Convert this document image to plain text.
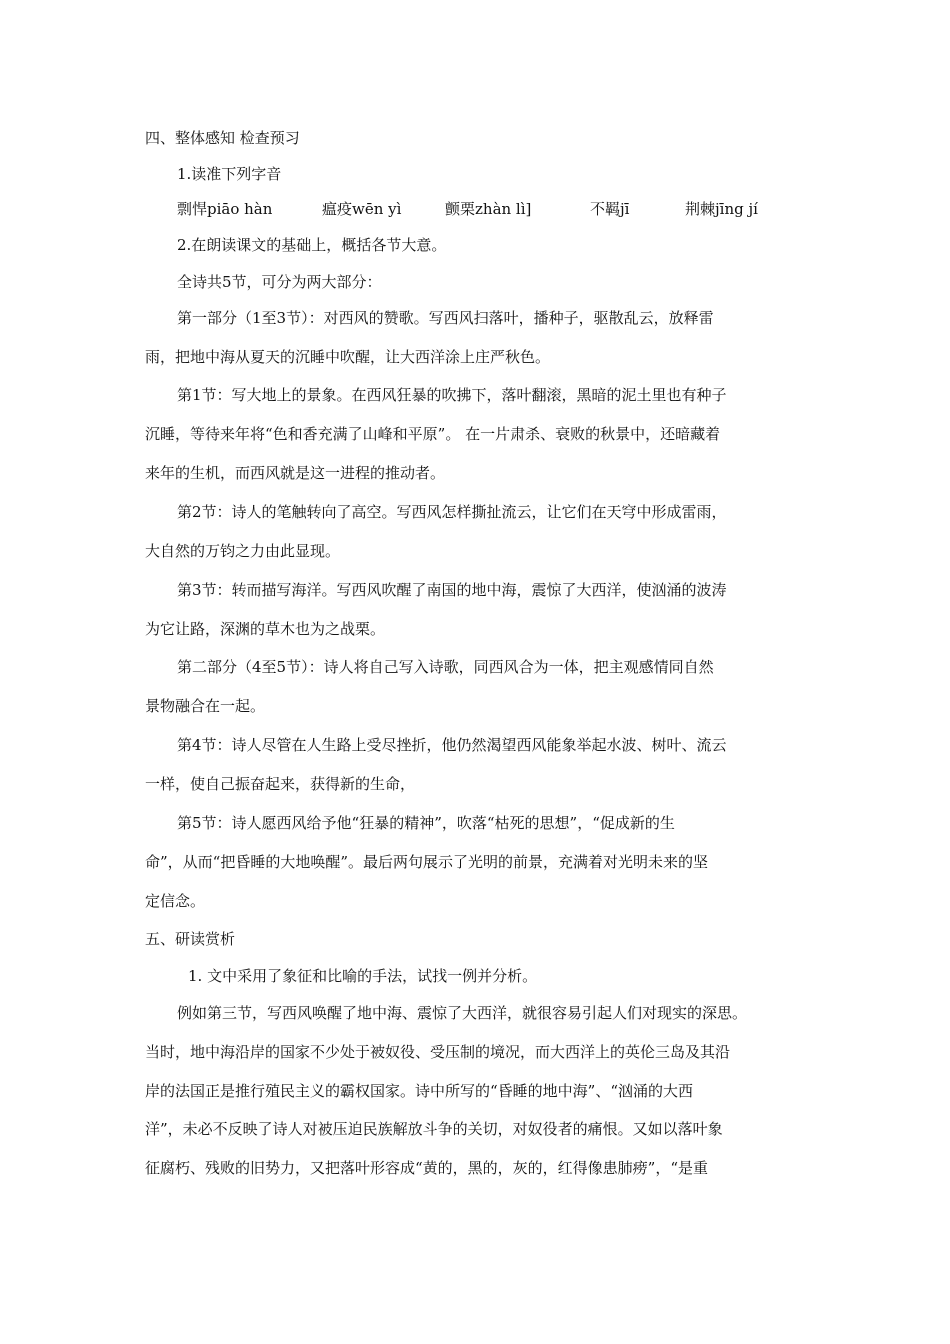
四、整体感知 检查预习
1.读准下列字音
剽悍piāo hàn	瘟疫wēn yì	颤栗zhàn lì]	不羁jī	荆棘jīng jí
2.在朗读课文的基础上，概括各节大意。
全诗共5节，可分为两大部分：
第一部分（1至3节）：对西风的赞歌。写西风扫落叶，播种子，驱散乱云，放释雷
雨，把地中海从夏天的沉睡中吹醒，让大西洋涂上庄严秋色。
第1节：写大地上的景象。在西风狂暴的吹拂下，落叶翻滚，黑暗的泥土里也有种子
沉睡，等待来年将“色和香充满了山峰和平原”。 在一片肃杀、衰败的秋景中，还暗藏着
来年的生机，而西风就是这一进程的推动者。
第2节：诗人的笔触转向了高空。写西风怎样撕扯流云，让它们在天穹中形成雷雨，
大自然的万钧之力由此显现。
第3节：转而描写海洋。写西风吹醒了南国的地中海，震惊了大西洋，使汹涌的波涛
为它让路，深渊的草木也为之战栗。
第二部分（4至5节）：诗人将自己写入诗歌，同西风合为一体，把主观感情同自然
景物融合在一起。
第4节：诗人尽管在人生路上受尽挫折，他仍然渴望西风能象举起水波、树叶、流云
一样，使自己振奋起来，获得新的生命，
第5节：诗人愿西风给予他“狂暴的精神”，吹落“枯死的思想”，“促成新的生
命”，从而“把昏睡的大地唤醒”。最后两句展示了光明的前景，充满着对光明未来的坚
定信念。
五、研读赏析
1. 文中采用了象征和比喻的手法，试找一例并分析。
例如第三节，写西风唤醒了地中海、震惊了大西洋，就很容易引起人们对现实的深思。
当时，地中海沿岸的国家不少处于被奴役、受压制的境况，而大西洋上的英伦三岛及其沿
岸的法国正是推行殖民主义的霸权国家。诗中所写的“昏睡的地中海”、“汹涌的大西
洋”，未必不反映了诗人对被压迫民族解放斗争的关切，对奴役者的痛恨。又如以落叶象
征腐朽、残败的旧势力，又把落叶形容成“黄的，黑的，灰的，红得像患肺痨”，“是重
